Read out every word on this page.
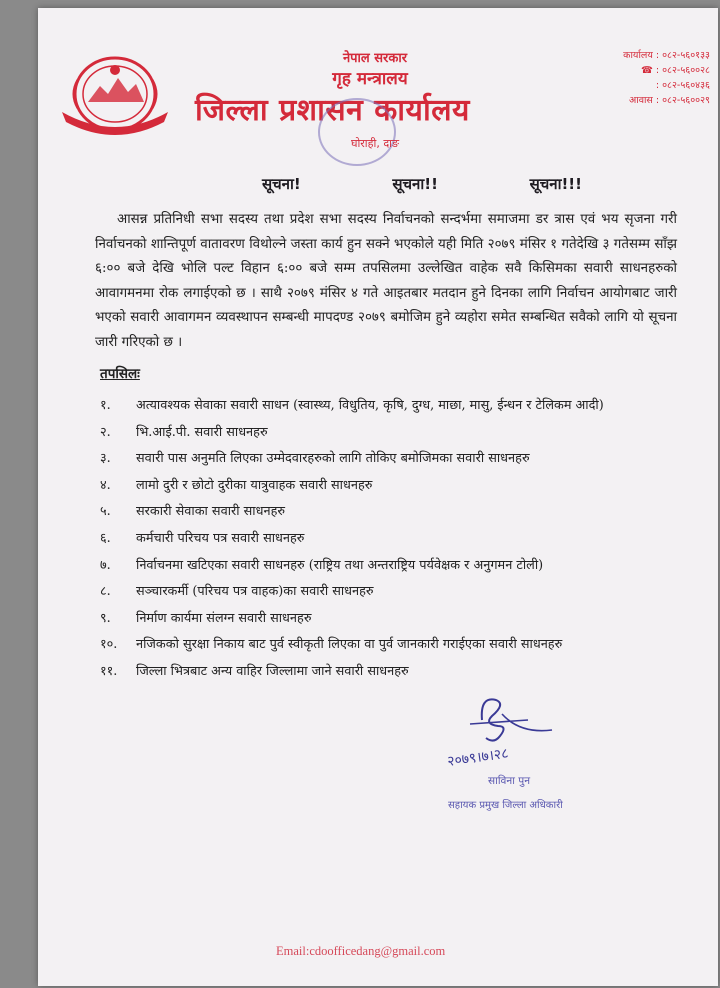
नेपाल सरकार
गृह मन्त्रालय
जिल्ला प्रशासन कार्यालय
घोराही, दाङ
कार्यालय : ०८२-५६०१३३
☎ : ०८२-५६००२८
: ०८२-५६०४३६
आवास : ०८२-५६००२९
सूचना!	सूचना!!	सूचना!!!
आसन्न प्रतिनिधी सभा सदस्य तथा प्रदेश सभा सदस्य निर्वाचनको सन्दर्भमा समाजमा डर त्रास एवं भय सृजना गरी निर्वाचनको शान्तिपूर्ण वातावरण विथोल्ने जस्ता कार्य हुन सक्ने भएकोले यही मिति २०७९ मंसिर १ गतेदेखि ३ गतेसम्म साँझ ६:०० बजे देखि भोलि पल्ट विहान ६:०० बजे सम्म तपसिलमा उल्लेखित वाहेक सवै किसिमका सवारी साधनहरुको आवागमनमा रोक लगाईएको छ । साथै २०७९ मंसिर ४ गते आइतबार मतदान हुने दिनका लागि निर्वाचन आयोगबाट जारी भएको सवारी आवागमन व्यवस्थापन सम्बन्धी मापदण्ड २०७९ बमोजिम हुने व्यहोरा समेत सम्बन्धित सवैको लागि यो सूचना जारी गरिएको छ ।
तपसिलः
१. अत्यावश्यक सेवाका सवारी साधन (स्वास्थ्य, विधुतिय, कृषि, दुग्ध, माछा, मासु, ईन्धन र टेलिकम आदी)
२. भि.आई.पी. सवारी साधनहरु
३. सवारी पास अनुमति लिएका उम्मेदवारहरुको लागि तोकिए बमोजिमका सवारी साधनहरु
४. लामो दुरी र छोटो दुरीका यात्रुवाहक सवारी साधनहरु
५. सरकारी सेवाका सवारी साधनहरु
६. कर्मचारी परिचय पत्र सवारी साधनहरु
७. निर्वाचनमा खटिएका सवारी साधनहरु (राष्ट्रिय तथा अन्तराष्ट्रिय पर्यवेक्षक र अनुगमन टोली)
८. सञ्चारकर्मी (परिचय पत्र वाहक)का सवारी साधनहरु
९. निर्माण कार्यमा संलग्न सवारी साधनहरु
१०. नजिकको सुरक्षा निकाय बाट पुर्व स्वीकृती लिएका वा पुर्व जानकारी गराईएका सवारी साधनहरु
११. जिल्ला भित्रबाट अन्य वाहिर जिल्लामा जाने सवारी साधनहरु
२०७९।७।२८
साविना पुन
सहायक प्रमुख जिल्ला अधिकारी
Email:cdoofficedang@gmail.com
